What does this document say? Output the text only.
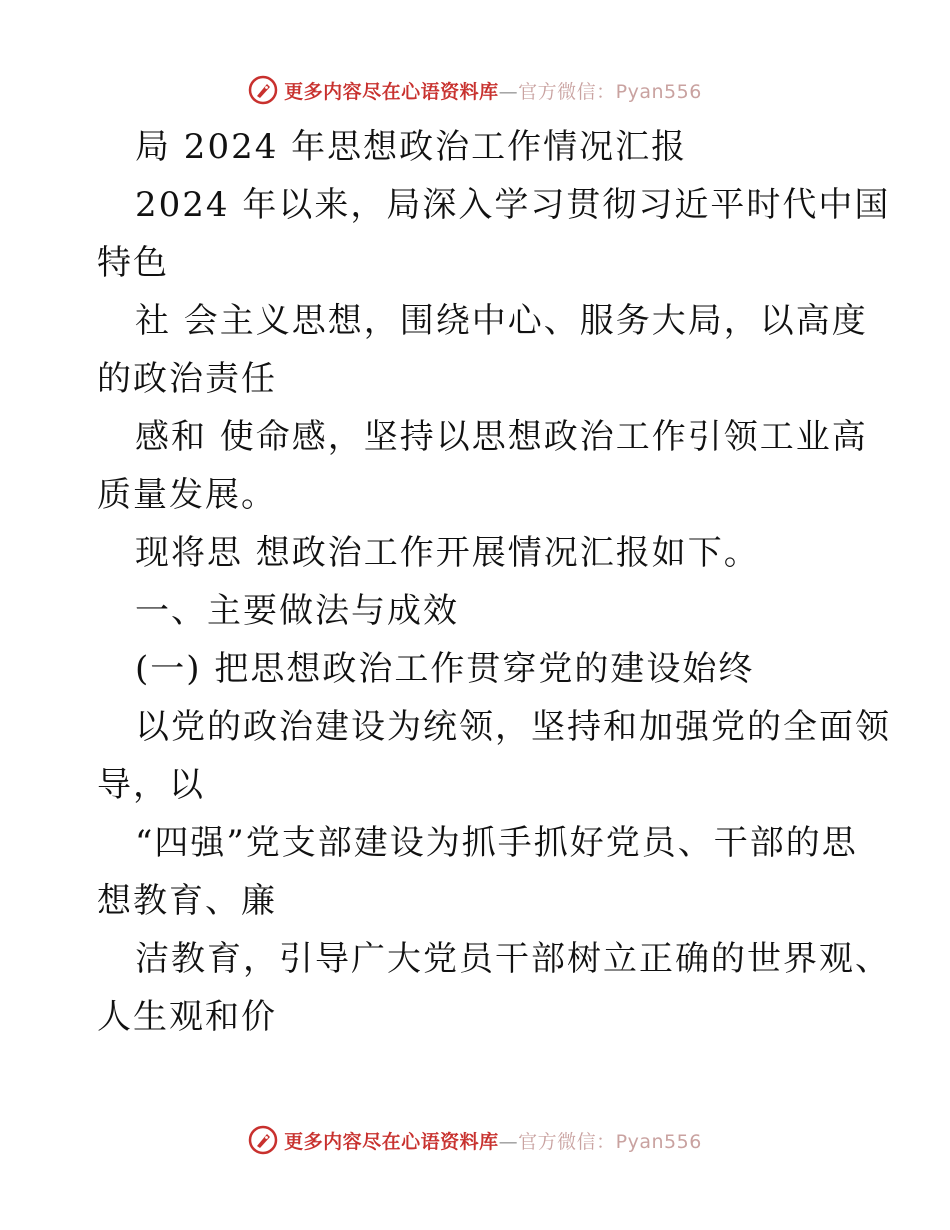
更多内容尽在心语资料库—官方微信：Pyan556
局 2024 年思想政治工作情况汇报
2024 年以来，局深入学习贯彻习近平时代中国
特色
社 会主义思想，围绕中心、服务大局，以高度
的政治责任
感和 使命感，坚持以思想政治工作引领工业高
质量发展。
现将思 想政治工作开展情况汇报如下。
一、主要做法与成效
(一) 把思想政治工作贯穿党的建设始终
以党的政治建设为统领，坚持和加强党的全面领
导，以
“四强”党支部建设为抓手抓好党员、干部的思
想教育、廉
洁教育，引导广大党员干部树立正确的世界观、
人生观和价
更多内容尽在心语资料库—官方微信：Pyan556
